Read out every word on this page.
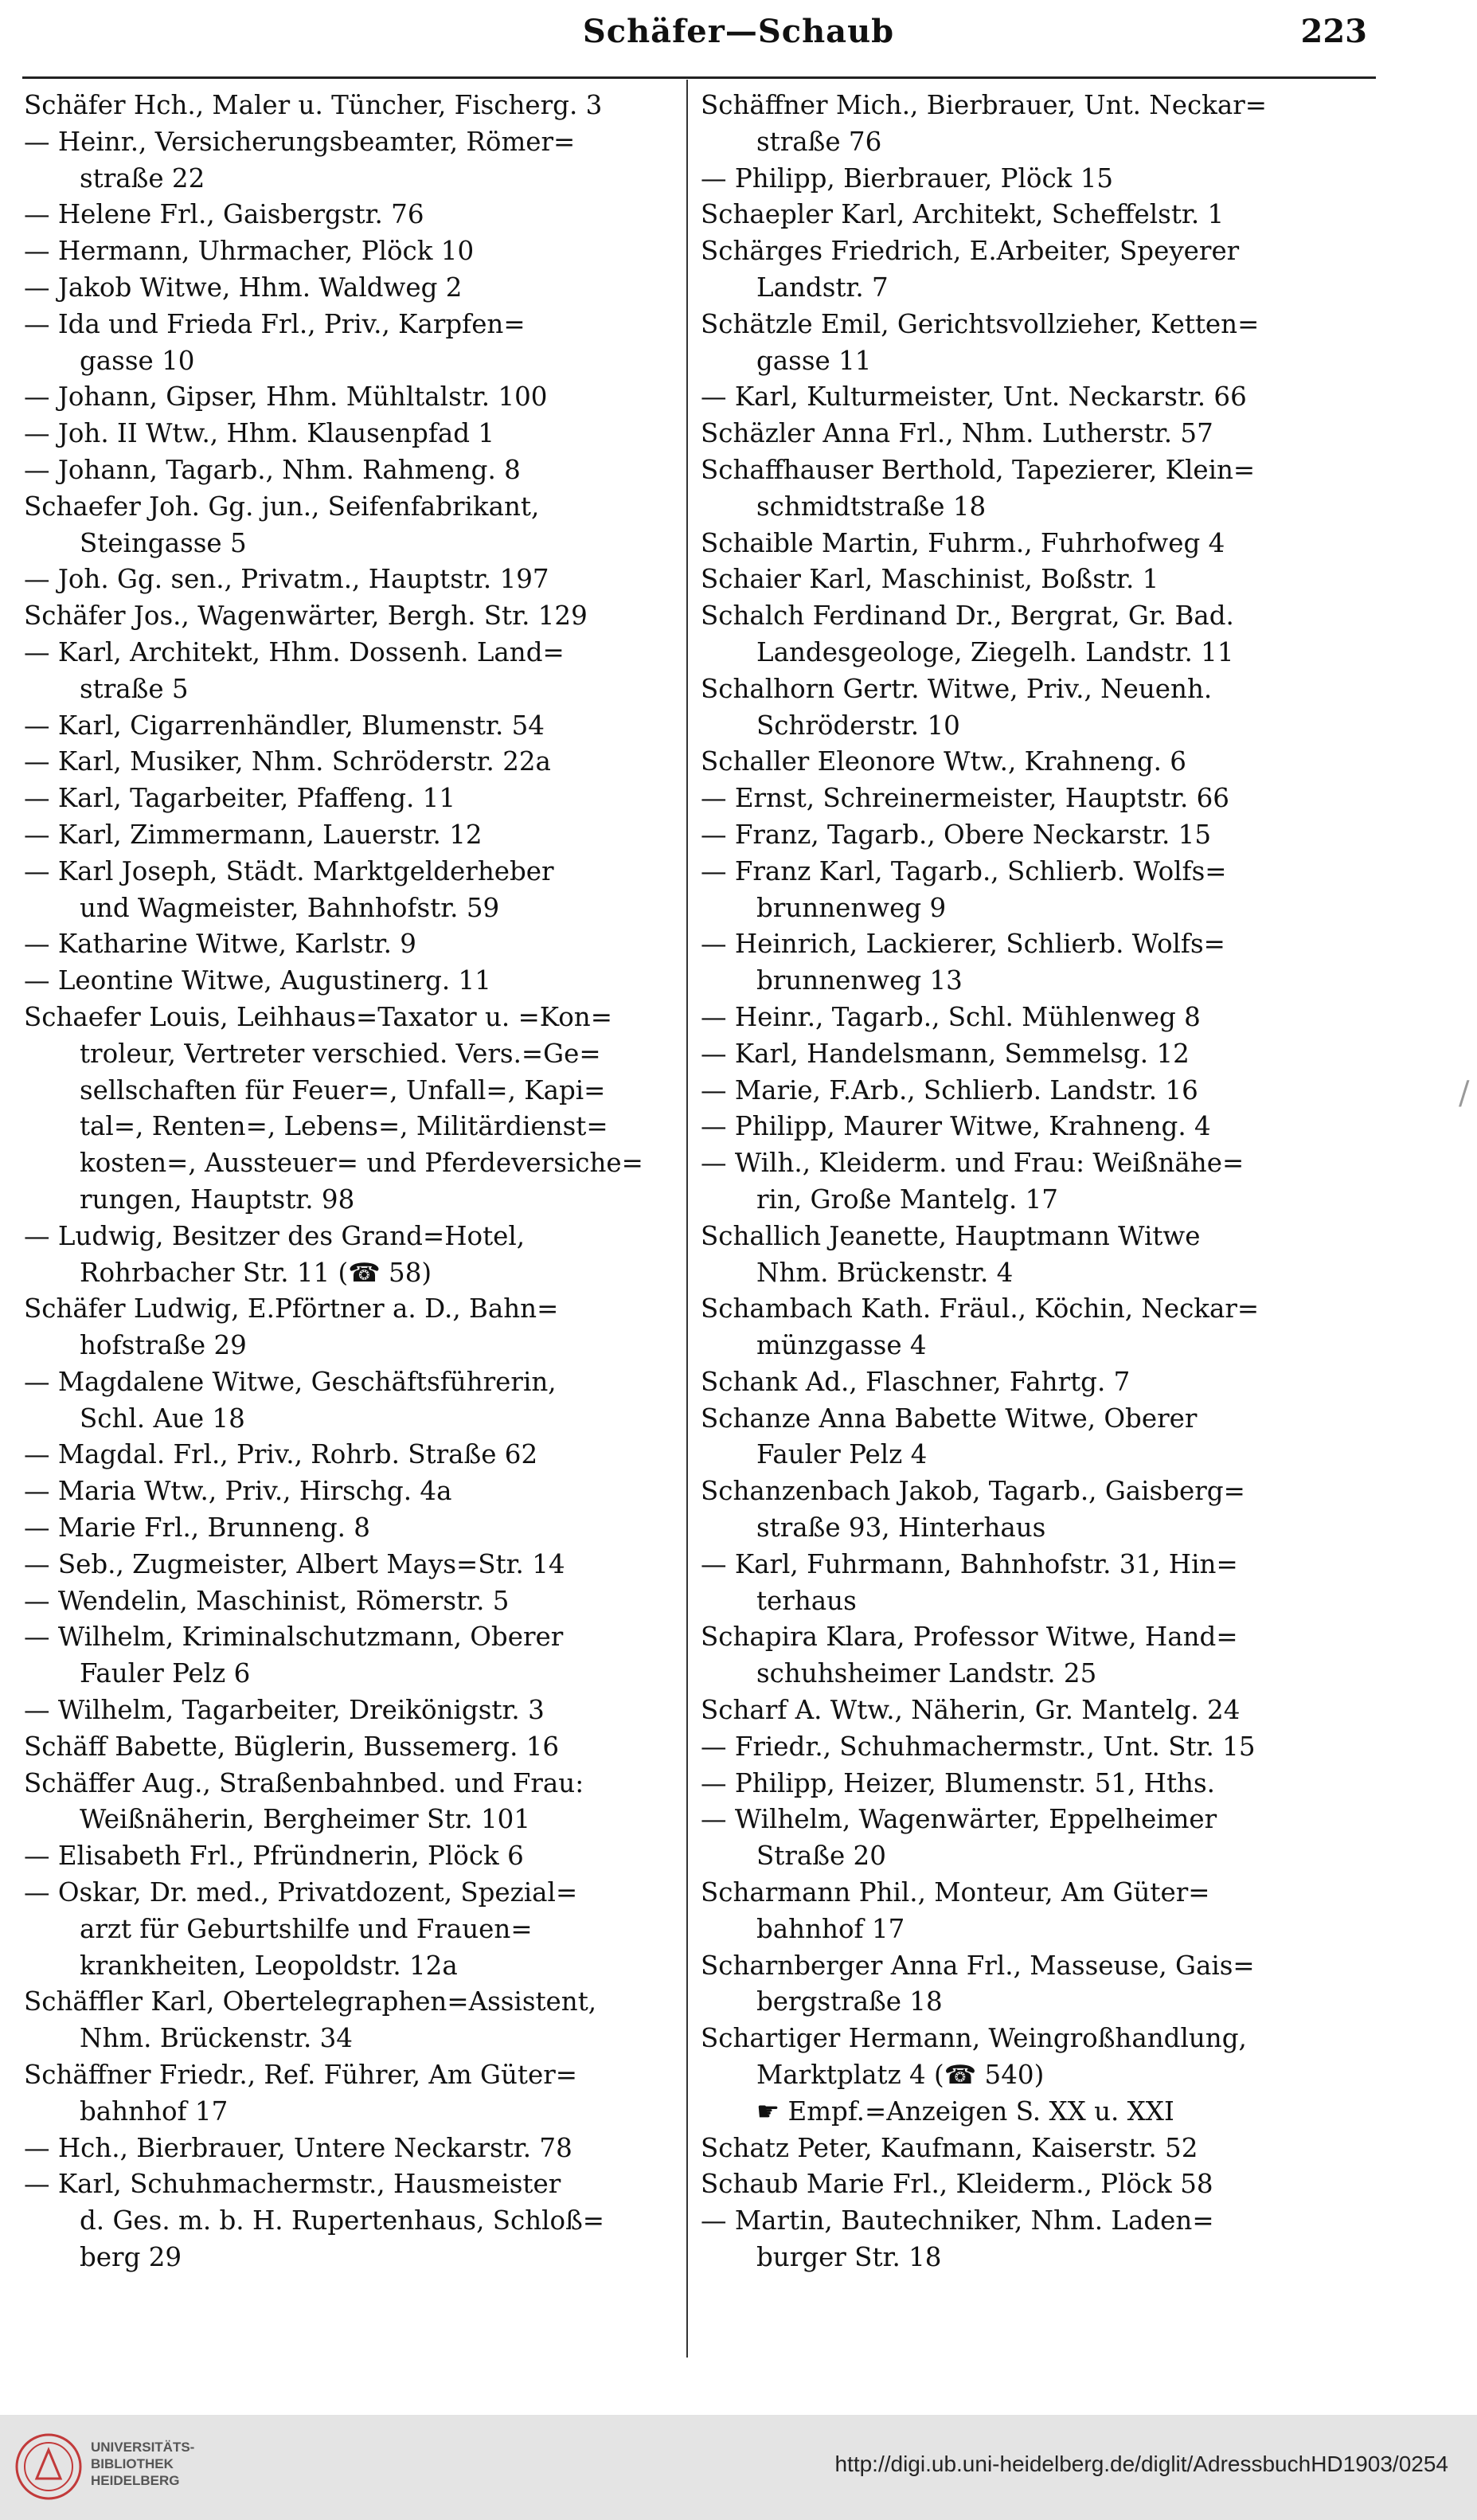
Schäfer—Schaub	223
Schäfer Hch., Maler u. Tüncher, Fischerg. 3
— Heinr., Versicherungsbeamter, Römer=
straße 22
— Helene Frl., Gaisbergstr. 76
— Hermann, Uhrmacher, Plöck 10
— Jakob Witwe, Hhm. Waldweg 2
— Ida und Frieda Frl., Priv., Karpfen=
gasse 10
— Johann, Gipser, Hhm. Mühltalstr. 100
— Joh. II Wtw., Hhm. Klausenpfad 1
— Johann, Tagarb., Nhm. Rahmeng. 8
Schaefer Joh. Gg. jun., Seifenfabrikant,
Steingasse 5
— Joh. Gg. sen., Privatm., Hauptstr. 197
Schäfer Jos., Wagenwärter, Bergh. Str. 129
— Karl, Architekt, Hhm. Dossenh. Land=
straße 5
— Karl, Cigarrenhändler, Blumenstr. 54
— Karl, Musiker, Nhm. Schröderstr. 22a
— Karl, Tagarbeiter, Pfaffeng. 11
— Karl, Zimmermann, Lauerstr. 12
— Karl Joseph, Städt. Marktgelderheber
und Wagmeister, Bahnhofstr. 59
— Katharine Witwe, Karlstr. 9
— Leontine Witwe, Augustinerg. 11
Schaefer Louis, Leihhaus=Taxator u. =Kon=
troleur, Vertreter verschied. Vers.=Ge=
sellschaften für Feuer=, Unfall=, Kapi=
tal=, Renten=, Lebens=, Militärdienst=
kosten=, Aussteuer= und Pferdeversiche=
rungen, Hauptstr. 98
— Ludwig, Besitzer des Grand=Hotel,
Rohrbacher Str. 11 (☎ 58)
Schäfer Ludwig, E.Pförtner a. D., Bahn=
hofstraße 29
— Magdalene Witwe, Geschäftsführerin,
Schl. Aue 18
— Magdal. Frl., Priv., Rohrb. Straße 62
— Maria Wtw., Priv., Hirschg. 4a
— Marie Frl., Brunneng. 8
— Seb., Zugmeister, Albert Mays=Str. 14
— Wendelin, Maschinist, Römerstr. 5
— Wilhelm, Kriminalschutzmann, Oberer
Fauler Pelz 6
— Wilhelm, Tagarbeiter, Dreikönigstr. 3
Schäff Babette, Büglerin, Bussemerg. 16
Schäffer Aug., Straßenbahnbed. und Frau:
Weißnäherin, Bergheimer Str. 101
— Elisabeth Frl., Pfründnerin, Plöck 6
— Oskar, Dr. med., Privatdozent, Spezial=
arzt für Geburtshilfe und Frauen=
krankheiten, Leopoldstr. 12a
Schäffler Karl, Obertelegraphen=Assistent,
Nhm. Brückenstr. 34
Schäffner Friedr., Ref. Führer, Am Güter=
bahnhof 17
— Hch., Bierbrauer, Untere Neckarstr. 78
— Karl, Schuhmachermstr., Hausmeister
d. Ges. m. b. H. Rupertenhaus, Schloß=
berg 29
Schäffner Mich., Bierbrauer, Unt. Neckar=
straße 76
— Philipp, Bierbrauer, Plöck 15
Schaepler Karl, Architekt, Scheffelstr. 1
Schärges Friedrich, E.Arbeiter, Speyerer
Landstr. 7
Schätzle Emil, Gerichtsvollzieher, Ketten=
gasse 11
— Karl, Kulturmeister, Unt. Neckarstr. 66
Schäzler Anna Frl., Nhm. Lutherstr. 57
Schaffhauser Berthold, Tapezierer, Klein=
schmidtstraße 18
Schaible Martin, Fuhrm., Fuhrhofweg 4
Schaier Karl, Maschinist, Boßstr. 1
Schalch Ferdinand Dr., Bergrat, Gr. Bad.
Landesgeologe, Ziegelh. Landstr. 11
Schalhorn Gertr. Witwe, Priv., Neuenh.
Schröderstr. 10
Schaller Eleonore Wtw., Krahneng. 6
— Ernst, Schreinermeister, Hauptstr. 66
— Franz, Tagarb., Obere Neckarstr. 15
— Franz Karl, Tagarb., Schlierb. Wolfs=
brunnenweg 9
— Heinrich, Lackierer, Schlierb. Wolfs=
brunnenweg 13
— Heinr., Tagarb., Schl. Mühlenweg 8
— Karl, Handelsmann, Semmelsg. 12
— Marie, F.Arb., Schlierb. Landstr. 16
— Philipp, Maurer Witwe, Krahneng. 4
— Wilh., Kleiderm. und Frau: Weißnähe=
rin, Große Mantelg. 17
Schallich Jeanette, Hauptmann Witwe
Nhm. Brückenstr. 4
Schambach Kath. Fräul., Köchin, Neckar=
münzgasse 4
Schank Ad., Flaschner, Fahrtg. 7
Schanze Anna Babette Witwe, Oberer
Fauler Pelz 4
Schanzenbach Jakob, Tagarb., Gaisberg=
straße 93, Hinterhaus
— Karl, Fuhrmann, Bahnhofstr. 31, Hin=
terhaus
Schapira Klara, Professor Witwe, Hand=
schuhsheimer Landstr. 25
Scharf A. Wtw., Näherin, Gr. Mantelg. 24
— Friedr., Schuhmachermstr., Unt. Str. 15
— Philipp, Heizer, Blumenstr. 51, Hths.
— Wilhelm, Wagenwärter, Eppelheimer
Straße 20
Scharmann Phil., Monteur, Am Güter=
bahnhof 17
Scharnberger Anna Frl., Masseuse, Gais=
bergstraße 18
Schartiger Hermann, Weingroßhandlung,
Marktplatz 4 (☎ 540)
☛ Empf.=Anzeigen S. XX u. XXI
Schatz Peter, Kaufmann, Kaiserstr. 52
Schaub Marie Frl., Kleiderm., Plöck 58
— Martin, Bautechniker, Nhm. Laden=
burger Str. 18
/
UNIVERSITÄTS-
BIBLIOTHEK
HEIDELBERG
http://digi.ub.uni-heidelberg.de/diglit/AdressbuchHD1903/0254
